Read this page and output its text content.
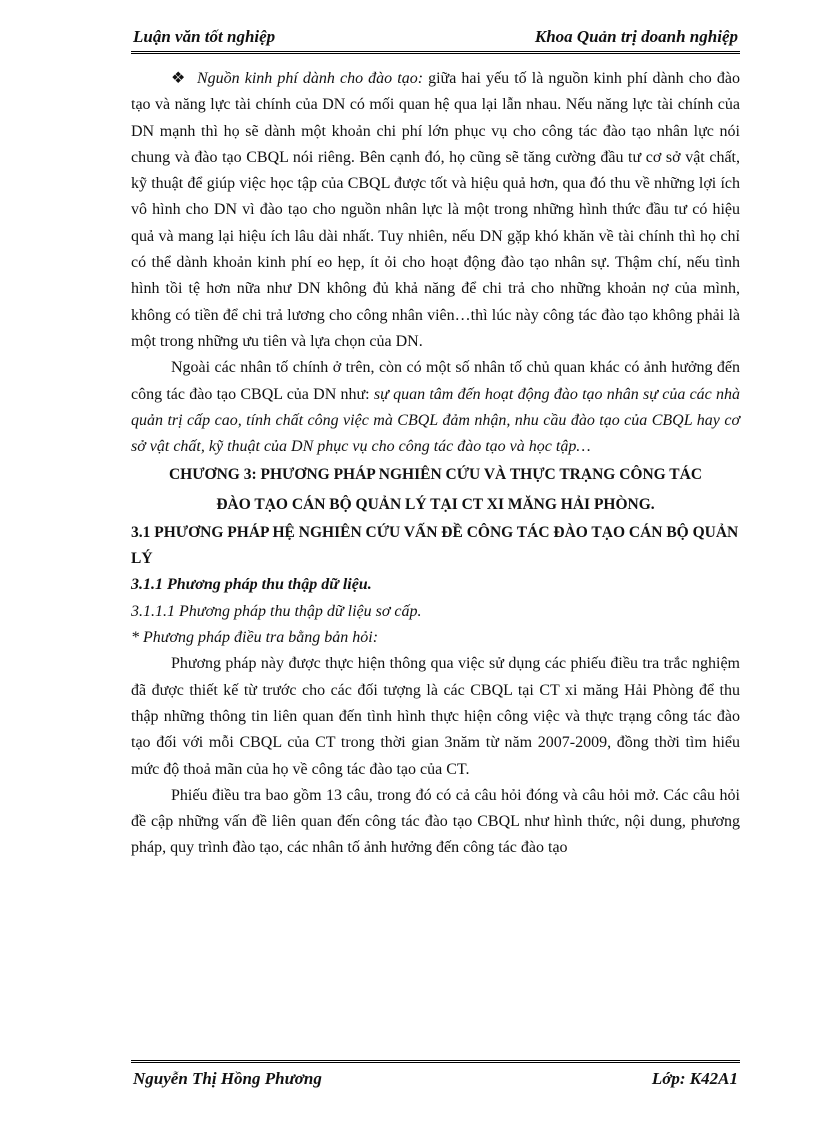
Luận văn tốt nghiệp	Khoa Quản trị doanh nghiệp

❖ Nguồn kinh phí dành cho đào tạo: giữa hai yếu tố là nguồn kinh phí dành cho đào tạo và năng lực tài chính của DN có mối quan hệ qua lại lẫn nhau. Nếu năng lực tài chính của DN mạnh thì họ sẽ dành một khoản chi phí lớn phục vụ cho công tác đào tạo nhân lực nói chung và đào tạo CBQL nói riêng. Bên cạnh đó, họ cũng sẽ tăng cường đầu tư cơ sở vật chất, kỹ thuật để giúp việc học tập của CBQL được tốt và hiệu quả hơn, qua đó thu về những lợi ích vô hình cho DN vì đào tạo cho nguồn nhân lực là một trong những hình thức đầu tư có hiệu quả và mang lại hiệu ích lâu dài nhất. Tuy nhiên, nếu DN gặp khó khăn về tài chính thì họ chỉ có thể dành khoản kinh phí eo hẹp, ít ỏi cho hoạt động đào tạo nhân sự. Thậm chí, nếu tình hình tồi tệ hơn nữa như DN không đủ khả năng để chi trả cho những khoản nợ của mình, không có tiền để chi trả lương cho công nhân viên…thì lúc này công tác đào tạo không phải là một trong những ưu tiên và lựa chọn của DN.

Ngoài các nhân tố chính ở trên, còn có một số nhân tố chủ quan khác có ảnh hưởng đến công tác đào tạo CBQL của DN như: sự quan tâm đến hoạt động đào tạo nhân sự của các nhà quản trị cấp cao, tính chất công việc mà CBQL đảm nhận, nhu cầu đào tạo của CBQL hay cơ sở vật chất, kỹ thuật của DN phục vụ cho công tác đào tạo và học tập…

CHƯƠNG 3: PHƯƠNG PHÁP NGHIÊN CỨU VÀ THỰC TRẠNG CÔNG TÁC
ĐÀO TẠO CÁN BỘ QUẢN LÝ TẠI CT XI MĂNG HẢI PHÒNG.

3.1 PHƯƠNG PHÁP HỆ NGHIÊN CỨU VẤN ĐỀ CÔNG TÁC ĐÀO TẠO CÁN BỘ QUẢN LÝ

3.1.1 Phương pháp thu thập dữ liệu.

3.1.1.1 Phương pháp thu thập dữ liệu sơ cấp.

* Phương pháp điều tra bằng bản hỏi:

Phương pháp này được thực hiện thông qua việc sử dụng các phiếu điều tra trắc nghiệm đã được thiết kế từ trước cho các đối tượng là các CBQL tại CT xi măng Hải Phòng để thu thập những thông tin liên quan đến tình hình thực hiện công việc và thực trạng công tác đào tạo đối với mỗi CBQL của CT trong thời gian 3năm từ năm 2007-2009, đồng thời tìm hiểu mức độ thoả mãn của họ về công tác đào tạo của CT.

Phiếu điều tra bao gồm 13 câu, trong đó có cả câu hỏi đóng và câu hỏi mở. Các câu hỏi đề cập những vấn đề liên quan đến công tác đào tạo CBQL như hình thức, nội dung, phương pháp, quy trình đào tạo, các nhân tố ảnh hưởng đến công tác đào tạo

Nguyễn Thị Hồng Phương	Lớp: K42A1
